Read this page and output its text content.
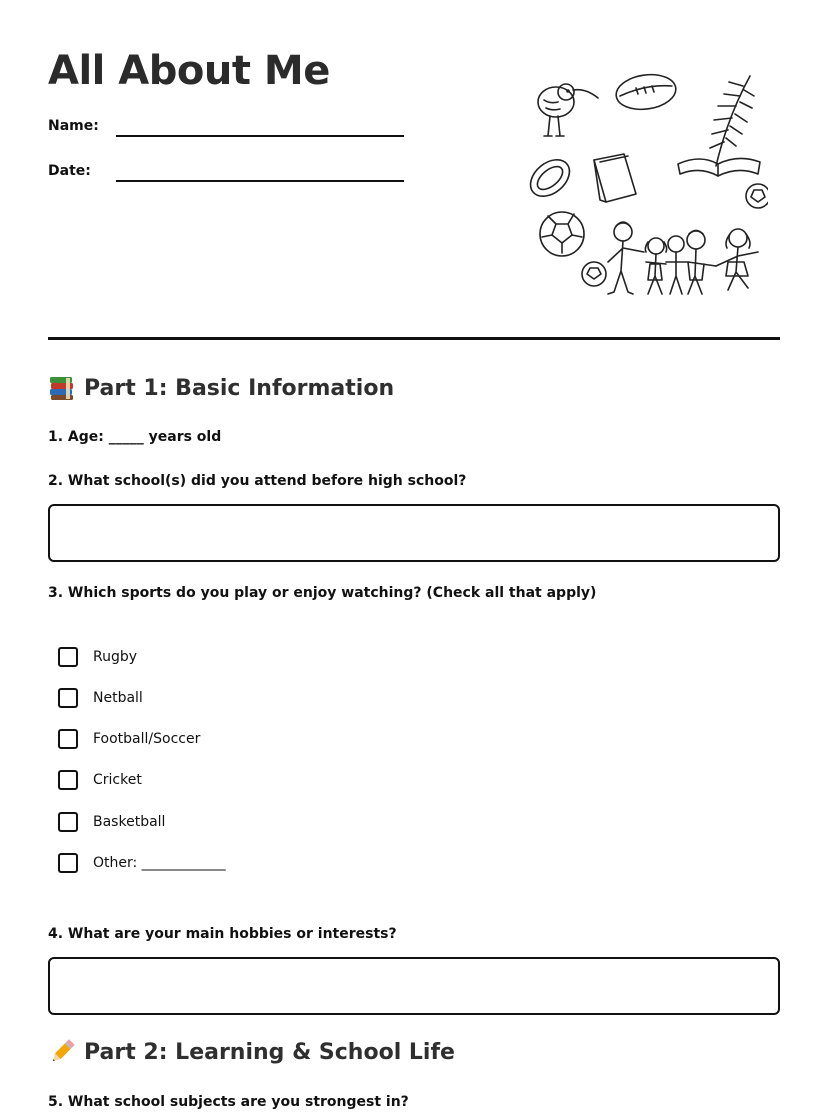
All About Me
Name:
Date:
Part 1: Basic Information
1. Age: _____ years old
2. What school(s) did you attend before high school?
3. Which sports do you play or enjoy watching? (Check all that apply)
Rugby
Netball
Football/Soccer
Cricket
Basketball
Other: ____________
4. What are your main hobbies or interests?
Part 2: Learning & School Life
5. What school subjects are you strongest in?
